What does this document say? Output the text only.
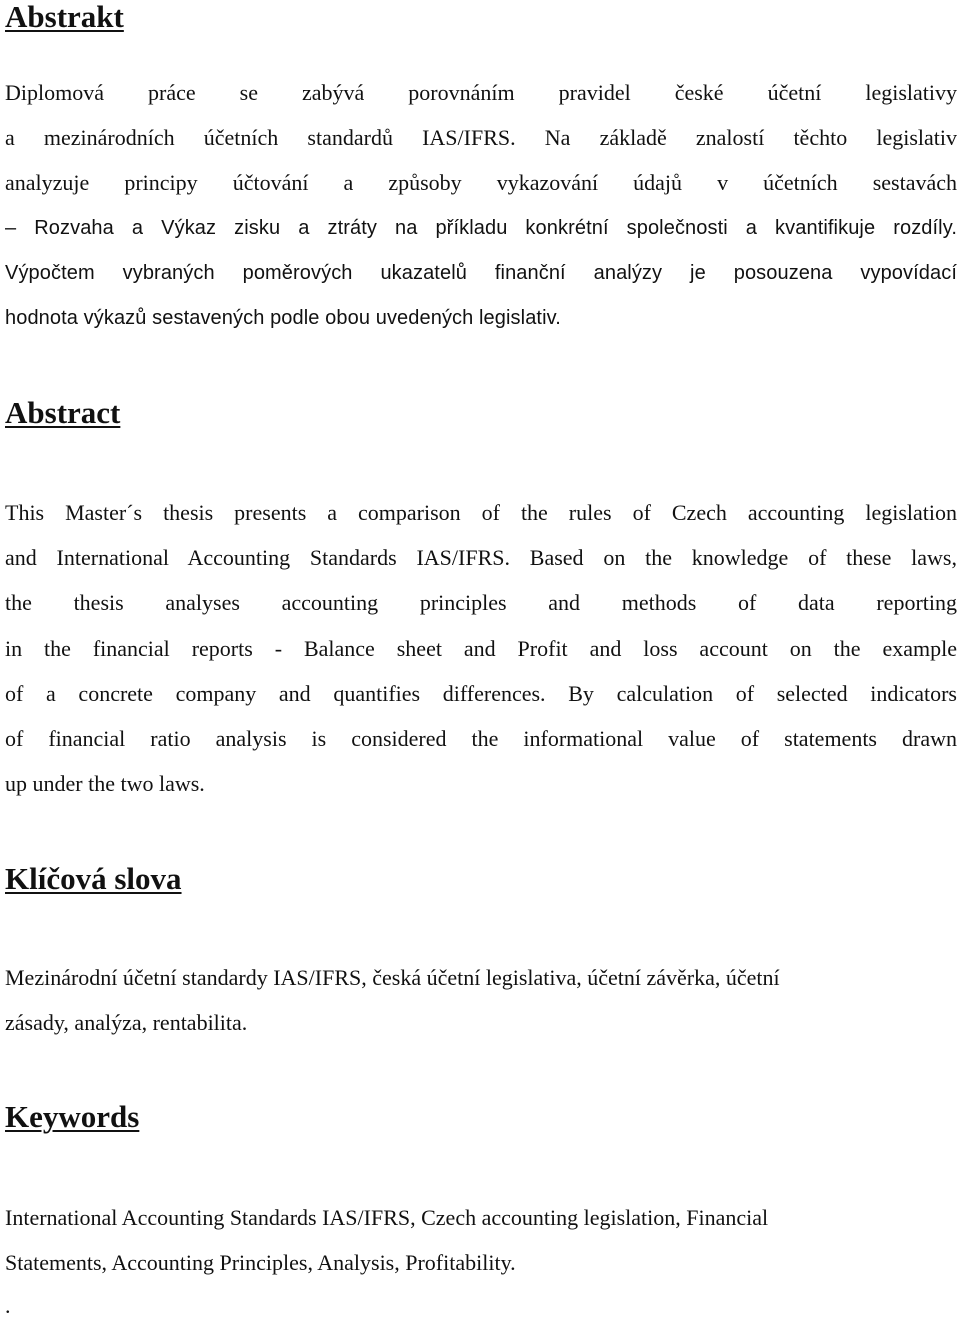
Abstrakt

Diplomová práce se zabývá porovnáním pravidel české účetní legislativy

a mezinárodních účetních standardů IAS/IFRS. Na základě znalostí těchto legislativ

analyzuje principy účtování a způsoby vykazování údajů v účetních sestavách

– Rozvaha a Výkaz zisku a ztráty na příkladu konkrétní společnosti a kvantifikuje rozdíly.

Výpočtem vybraných poměrových ukazatelů finanční analýzy je posouzena vypovídací

hodnota výkazů sestavených podle obou uvedených legislativ.

Abstract

This Master´s thesis presents a comparison of the rules of Czech accounting legislation

and International Accounting Standards IAS/IFRS. Based on the knowledge of these laws,

the thesis analyses accounting principles and methods of data reporting

in the financial reports - Balance sheet and Profit and loss account on the example

of a concrete company and quantifies differences. By calculation of selected indicators

of financial ratio analysis is considered the informational value of statements drawn

up under the two laws.

Klíčová slova

Mezinárodní účetní standardy IAS/IFRS, česká účetní legislativa, účetní závěrka, účetní

zásady, analýza, rentabilita.

Keywords

International Accounting Standards IAS/IFRS, Czech accounting legislation, Financial

Statements, Accounting Principles, Analysis, Profitability.

.
